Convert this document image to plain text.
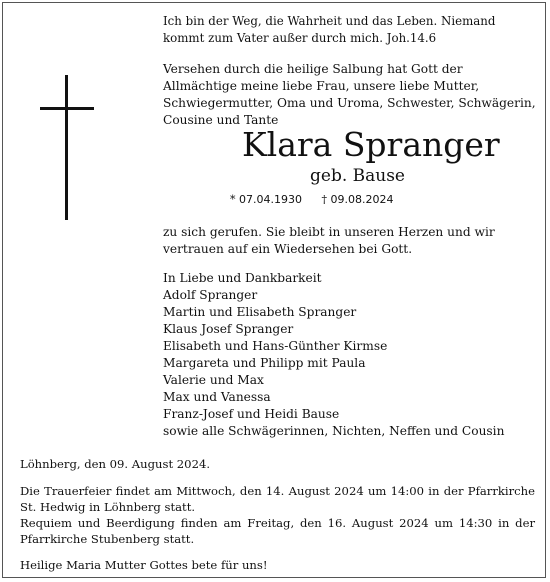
Ich bin der Weg, die Wahrheit und das Leben. Niemand kommt zum Vater außer durch mich. Joh.14.6
Versehen durch die heilige Salbung hat Gott der Allmächtige meine liebe Frau, unsere liebe Mutter, Schwiegermutter, Oma und Uroma, Schwester, Schwägerin, Cousine und Tante
Klara Spranger
geb. Bause
* 07.04.1930 † 09.08.2024
zu sich gerufen. Sie bleibt in unseren Herzen und wir vertrauen auf ein Wiedersehen bei Gott.
In Liebe und Dankbarkeit
Adolf Spranger
Martin und Elisabeth Spranger
Klaus Josef Spranger
Elisabeth und Hans-Günther Kirmse
Margareta und Philipp mit Paula
Valerie und Max
Max und Vanessa
Franz-Josef und Heidi Bause
sowie alle Schwägerinnen, Nichten, Neffen und Cousin
Löhnberg, den 09. August 2024.
Die Trauerfeier findet am Mittwoch, den 14. August 2024 um 14:00 in der Pfarrkirche St. Hedwig in Löhnberg statt.
Requiem und Beerdigung finden am Freitag, den 16. August 2024 um 14:30 in der Pfarrkirche Stubenberg statt.
Heilige Maria Mutter Gottes bete für uns!
